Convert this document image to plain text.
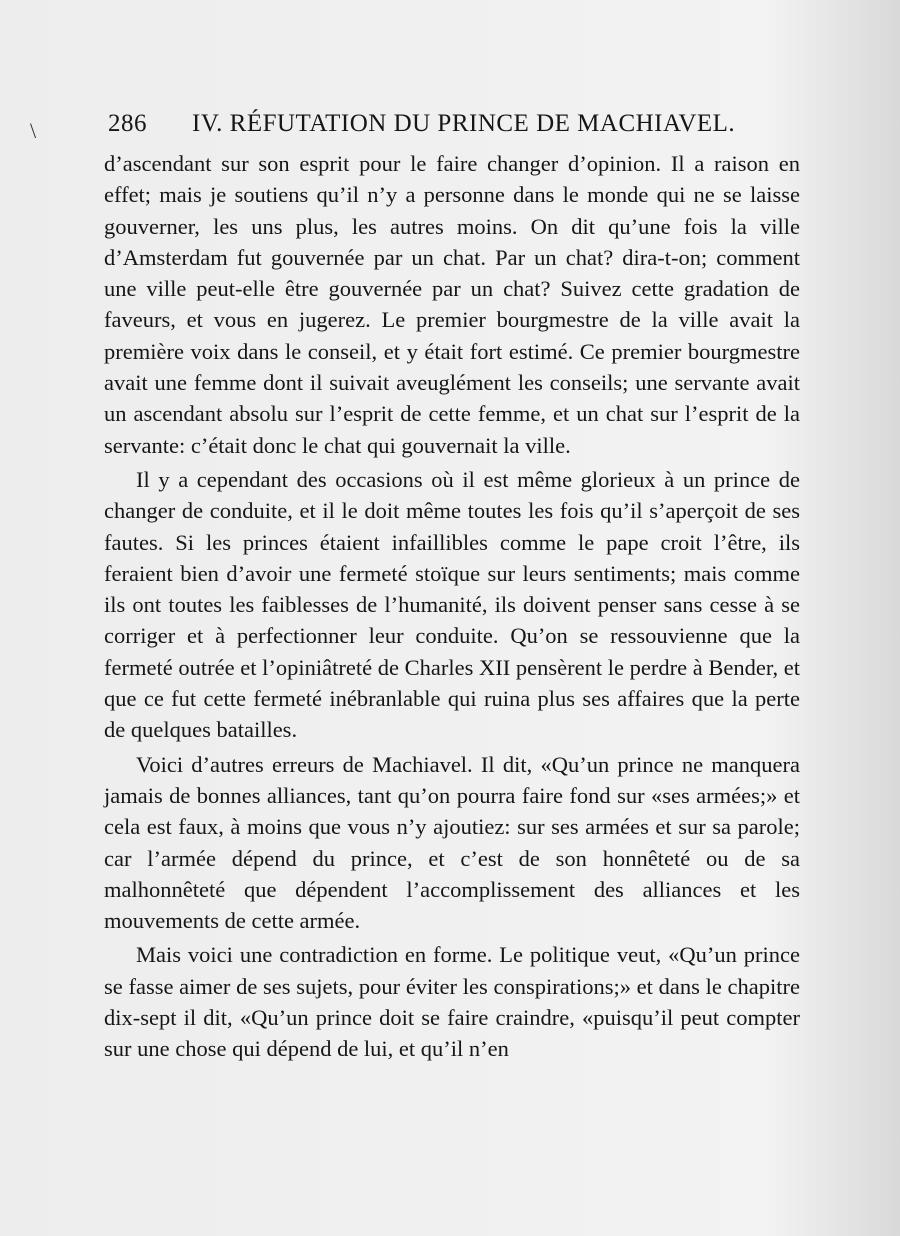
\	286 IV. RÉFUTATION DU PRINCE DE MACHIAVEL.

d’ascendant sur son esprit pour le faire changer d’opinion. Il a raison en effet; mais je soutiens qu’il n’y a personne dans le monde qui ne se laisse gouverner, les uns plus, les autres moins. On dit qu’une fois la ville d’Amsterdam fut gouvernée par un chat. Par un chat? dira-t-on; comment une ville peut-elle être gouvernée par un chat? Suivez cette gradation de faveurs, et vous en jugerez. Le premier bourgmestre de la ville avait la première voix dans le conseil, et y était fort estimé. Ce premier bourgmestre avait une femme dont il suivait aveuglément les conseils; une servante avait un ascendant absolu sur l’esprit de cette femme, et un chat sur l’esprit de la servante: c’était donc le chat qui gouvernait la ville.

Il y a cependant des occasions où il est même glorieux à un prince de changer de conduite, et il le doit même toutes les fois qu’il s’aperçoit de ses fautes. Si les princes étaient infaillibles comme le pape croit l’être, ils feraient bien d’avoir une fermeté stoïque sur leurs sentiments; mais comme ils ont toutes les faiblesses de l’humanité, ils doivent penser sans cesse à se corriger et à perfectionner leur conduite. Qu’on se ressouvienne que la fermeté outrée et l’opiniâtreté de Charles XII pensèrent le perdre à Bender, et que ce fut cette fermeté inébranlable qui ruina plus ses affaires que la perte de quelques batailles.

Voici d’autres erreurs de Machiavel. Il dit, «Qu’un prince ne manquera jamais de bonnes alliances, tant qu’on pourra faire fond sur «ses armées;» et cela est faux, à moins que vous n’y ajoutiez: sur ses armées et sur sa parole; car l’armée dépend du prince, et c’est de son honnêteté ou de sa malhonnêteté que dépendent l’accomplissement des alliances et les mouvements de cette armée.

Mais voici une contradiction en forme. Le politique veut, «Qu’un prince se fasse aimer de ses sujets, pour éviter les conspirations;» et dans le chapitre dix-sept il dit, «Qu’un prince doit se faire craindre, «puisqu’il peut compter sur une chose qui dépend de lui, et qu’il n’en
